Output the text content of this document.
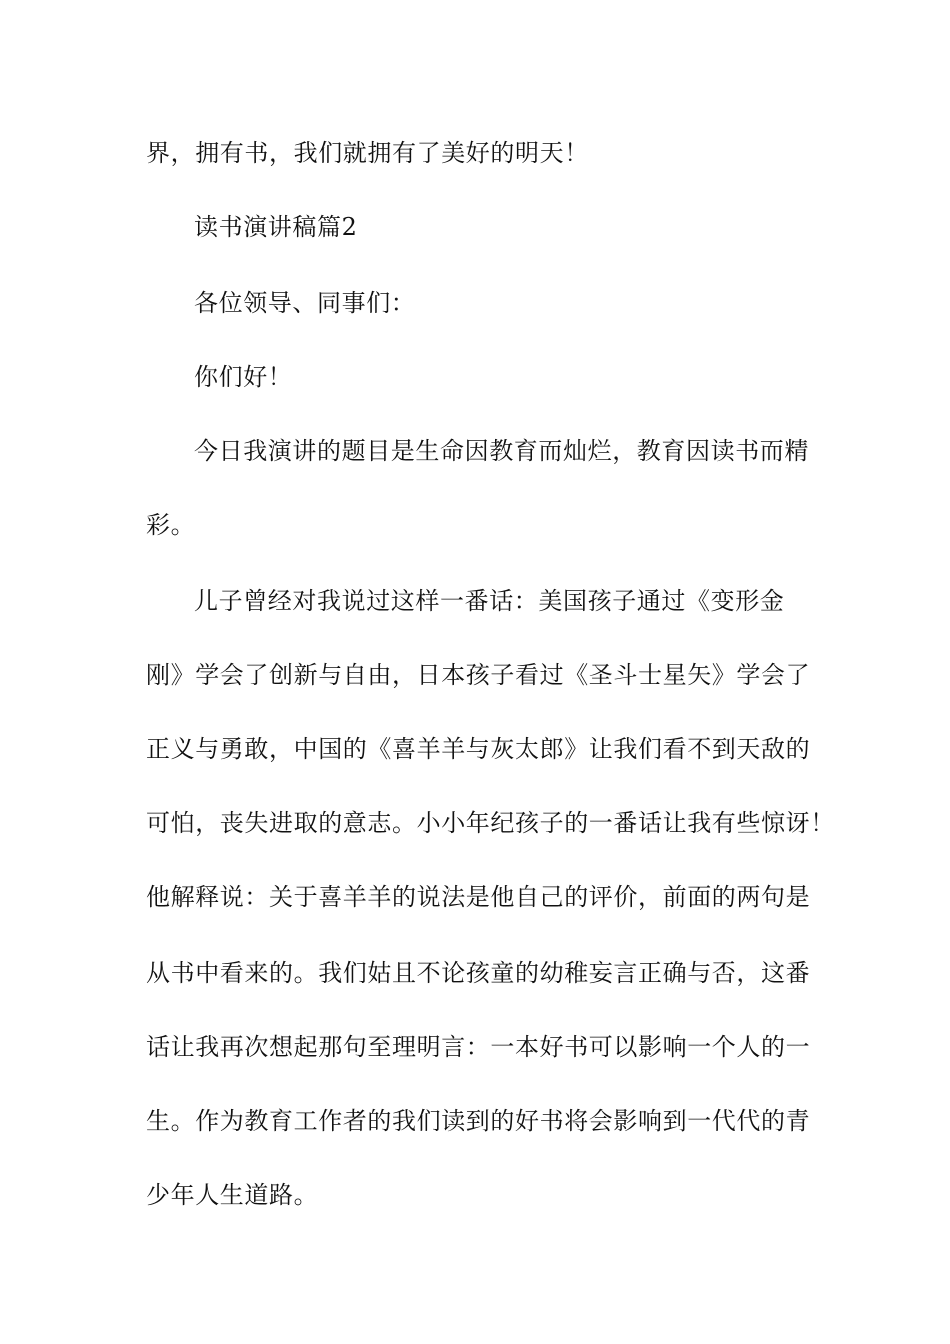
界，拥有书，我们就拥有了美好的明天！
读书演讲稿篇2
各位领导、同事们：
你们好！
今日我演讲的题目是生命因教育而灿烂，教育因读书而精
彩。
儿子曾经对我说过这样一番话：美国孩子通过《变形金
刚》学会了创新与自由，日本孩子看过《圣斗士星矢》学会了
正义与勇敢，中国的《喜羊羊与灰太郎》让我们看不到天敌的
可怕，丧失进取的意志。小小年纪孩子的一番话让我有些惊讶！
他解释说：关于喜羊羊的说法是他自己的评价，前面的两句是
从书中看来的。我们姑且不论孩童的幼稚妄言正确与否，这番
话让我再次想起那句至理明言：一本好书可以影响一个人的一
生。作为教育工作者的我们读到的好书将会影响到一代代的青
少年人生道路。
